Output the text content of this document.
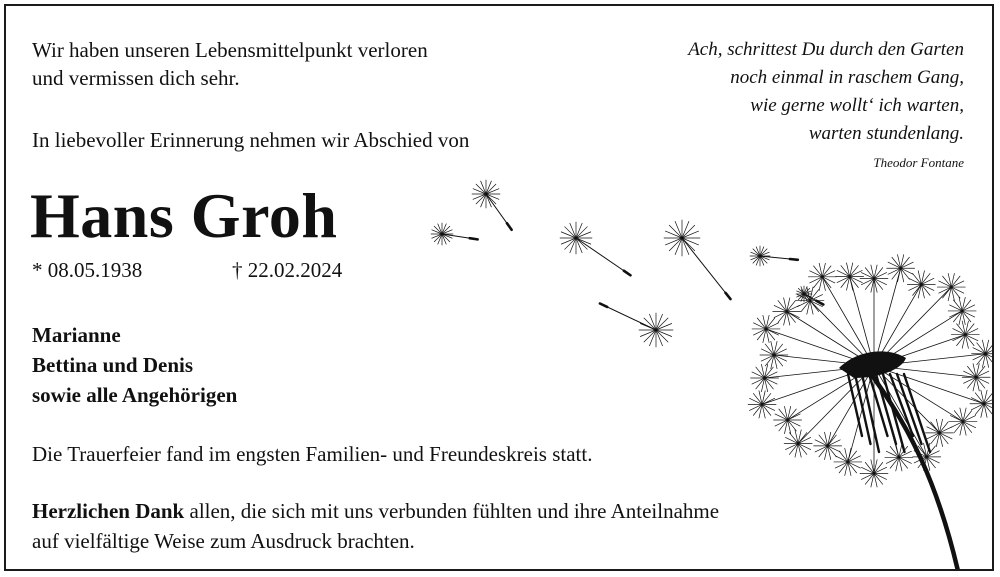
Wir haben unseren Lebensmittelpunkt verloren
und vermissen dich sehr.
In liebevoller Erinnerung nehmen wir Abschied von
Hans Groh
* 08.05.1938	† 22.02.2024
Marianne
Bettina und Denis
sowie alle Angehörigen
Die Trauerfeier fand im engsten Familien- und Freundeskreis statt.
Herzlichen Dank allen, die sich mit uns verbunden fühlten und ihre Anteilnahme
auf vielfältige Weise zum Ausdruck brachten.
Ach, schrittest Du durch den Garten
noch einmal in raschem Gang,
wie gerne wollt‘ ich warten,
warten stundenlang.
Theodor Fontane
